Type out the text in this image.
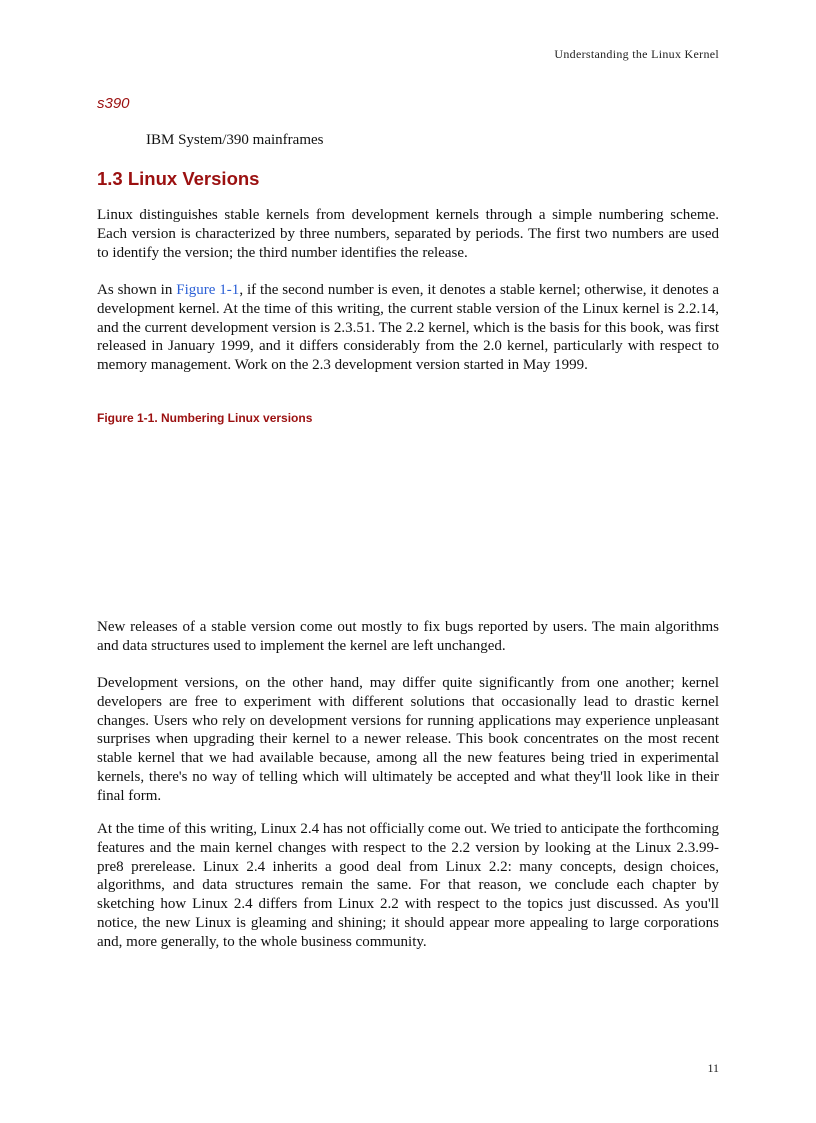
Understanding the Linux Kernel
s390
IBM System/390 mainframes
1.3 Linux Versions

Linux distinguishes stable kernels from development kernels through a simple numbering scheme. Each version is characterized by three numbers, separated by periods. The first two numbers are used to identify the version; the third number identifies the release.

As shown in Figure 1-1, if the second number is even, it denotes a stable kernel; otherwise, it denotes a development kernel. At the time of this writing, the current stable version of the Linux kernel is 2.2.14, and the current development version is 2.3.51. The 2.2 kernel, which is the basis for this book, was first released in January 1999, and it differs considerably from the 2.0 kernel, particularly with respect to memory management. Work on the 2.3 development version started in May 1999.

Figure 1-1. Numbering Linux versions

New releases of a stable version come out mostly to fix bugs reported by users. The main algorithms and data structures used to implement the kernel are left unchanged.

Development versions, on the other hand, may differ quite significantly from one another; kernel developers are free to experiment with different solutions that occasionally lead to drastic kernel changes. Users who rely on development versions for running applications may experience unpleasant surprises when upgrading their kernel to a newer release. This book concentrates on the most recent stable kernel that we had available because, among all the new features being tried in experimental kernels, there's no way of telling which will ultimately be accepted and what they'll look like in their final form.

At the time of this writing, Linux 2.4 has not officially come out. We tried to anticipate the forthcoming features and the main kernel changes with respect to the 2.2 version by looking at the Linux 2.3.99-pre8 prerelease. Linux 2.4 inherits a good deal from Linux 2.2: many concepts, design choices, algorithms, and data structures remain the same. For that reason, we conclude each chapter by sketching how Linux 2.4 differs from Linux 2.2 with respect to the topics just discussed. As you'll notice, the new Linux is gleaming and shining; it should appear more appealing to large corporations and, more generally, to the whole business community.

11
